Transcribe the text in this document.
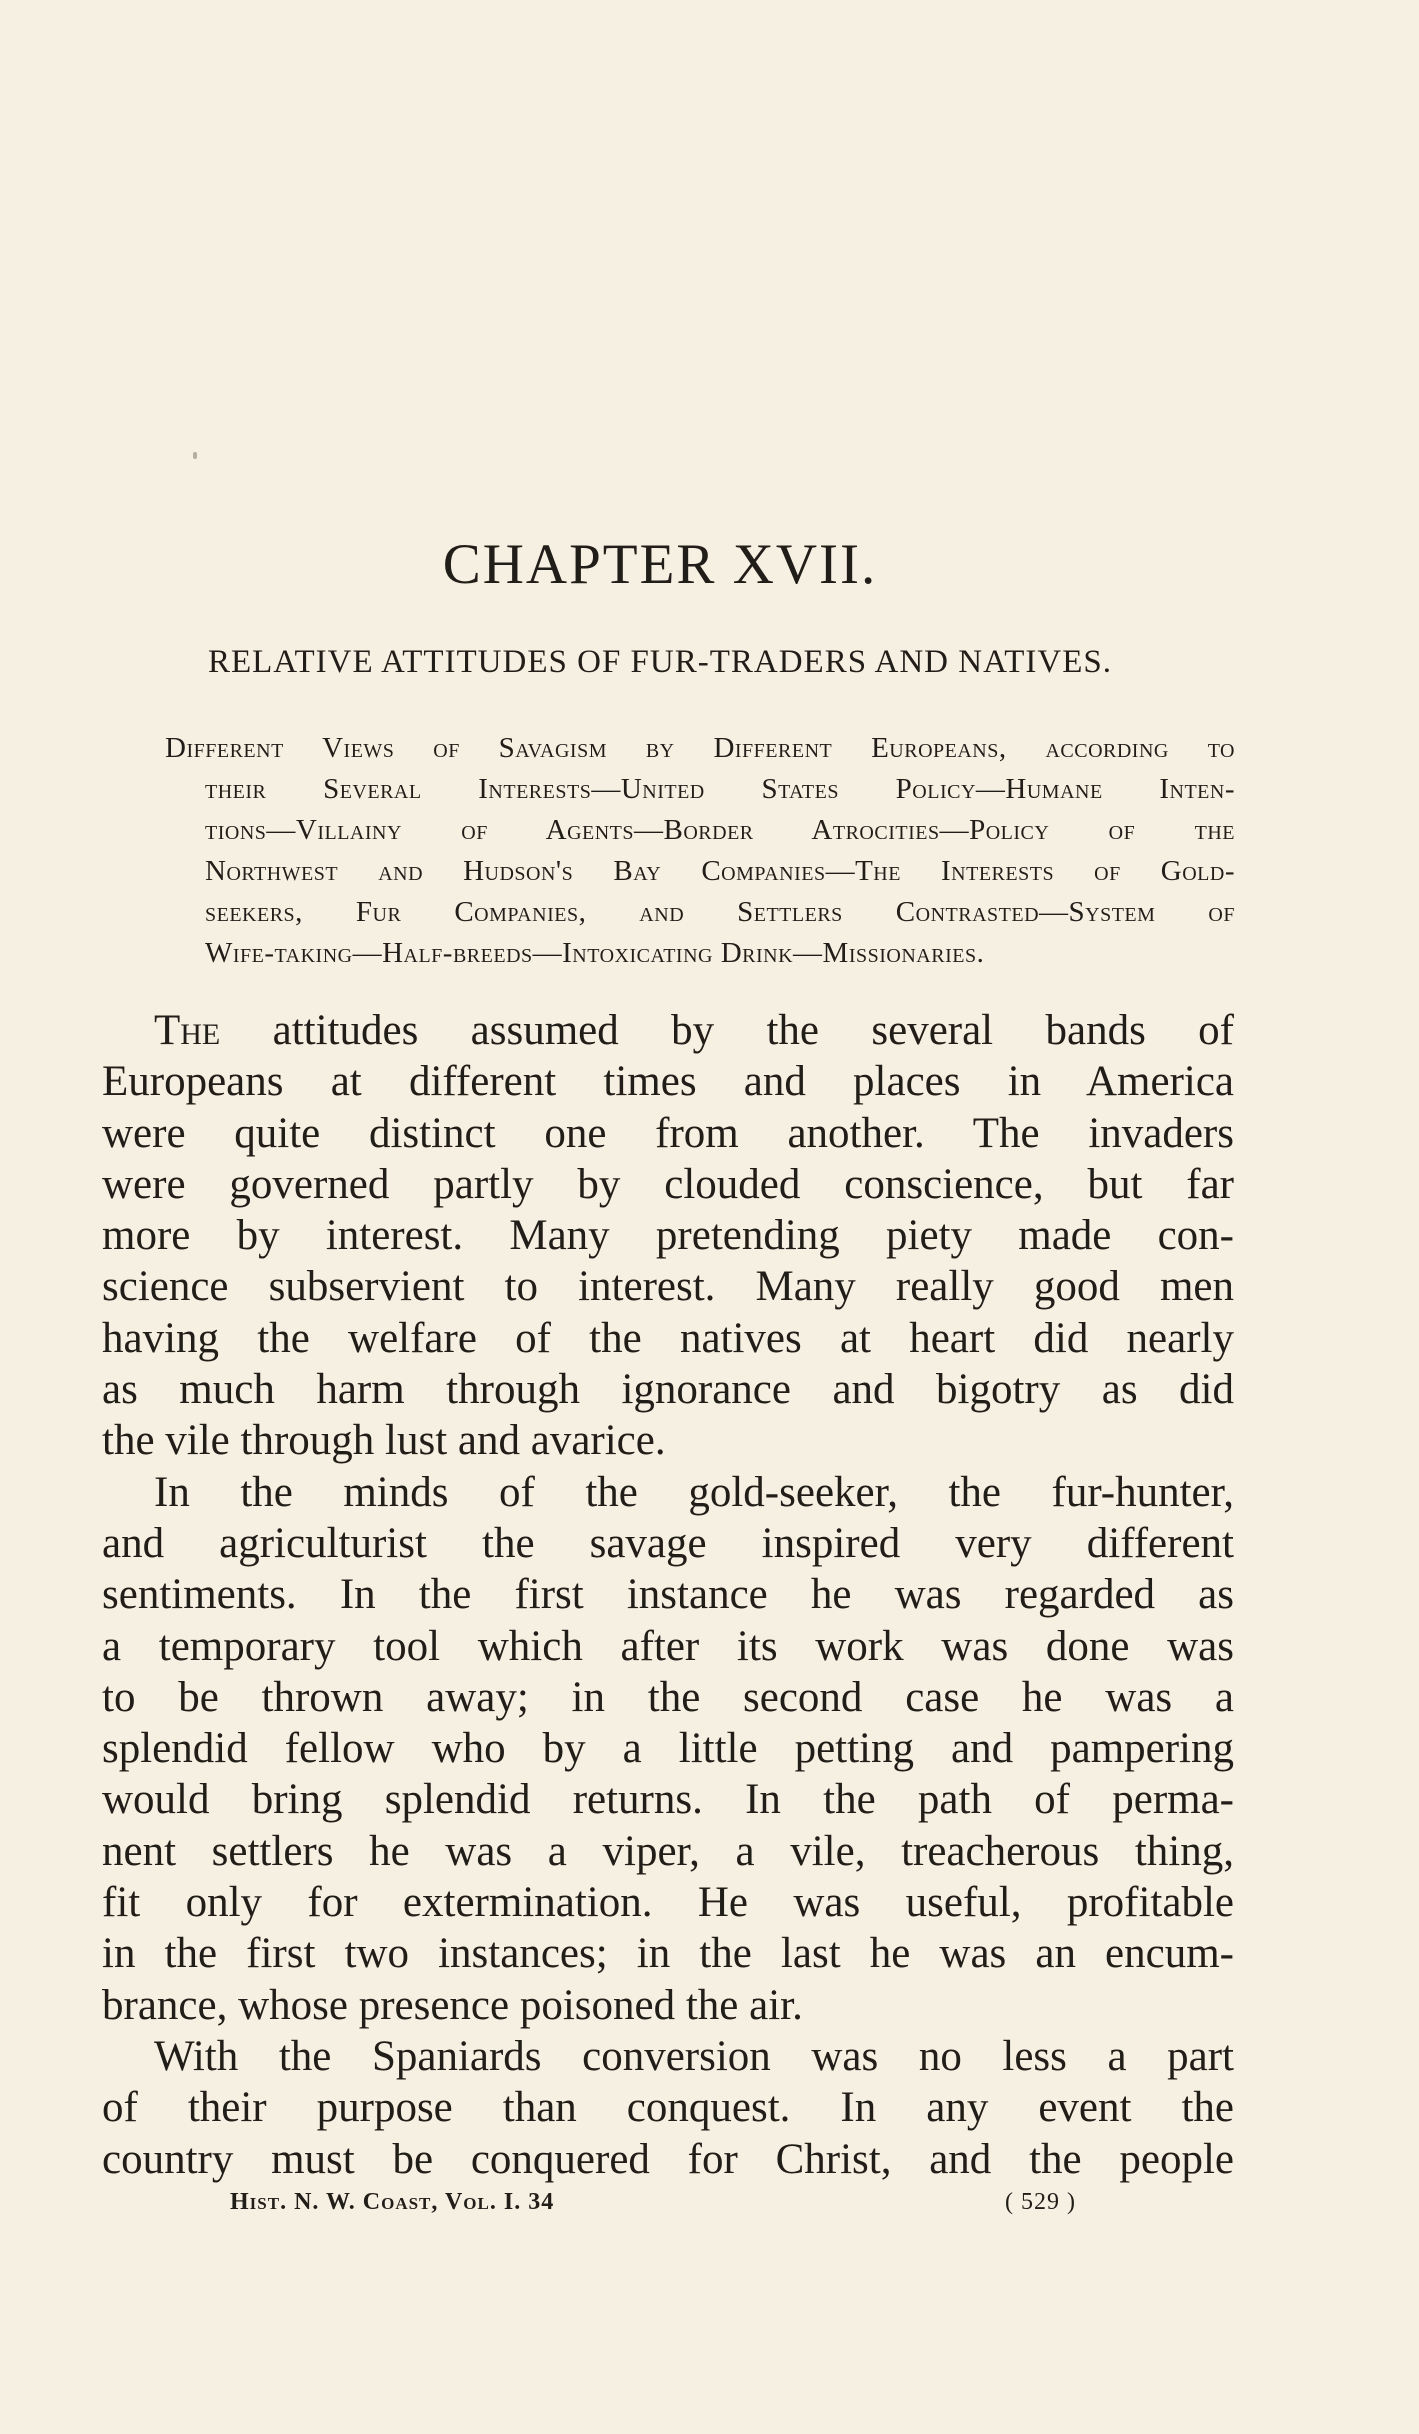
CHAPTER XVII.
RELATIVE ATTITUDES OF FUR-TRADERS AND NATIVES.
Different Views of Savagism by Different Europeans, according to
their Several Interests—United States Policy—Humane Inten-
tions—Villainy of Agents—Border Atrocities—Policy of the
Northwest and Hudson's Bay Companies—The Interests of Gold-
seekers, Fur Companies, and Settlers Contrasted—System of
Wife-taking—Half-breeds—Intoxicating Drink—Missionaries.
The attitudes assumed by the several bands of
Europeans at different times and places in America
were quite distinct one from another. The invaders
were governed partly by clouded conscience, but far
more by interest. Many pretending piety made con-
science subservient to interest. Many really good men
having the welfare of the natives at heart did nearly
as much harm through ignorance and bigotry as did
the vile through lust and avarice.
In the minds of the gold-seeker, the fur-hunter,
and agriculturist the savage inspired very different
sentiments. In the first instance he was regarded as
a temporary tool which after its work was done was
to be thrown away; in the second case he was a
splendid fellow who by a little petting and pampering
would bring splendid returns. In the path of perma-
nent settlers he was a viper, a vile, treacherous thing,
fit only for extermination. He was useful, profitable
in the first two instances; in the last he was an encum-
brance, whose presence poisoned the air.
With the Spaniards conversion was no less a part
of their purpose than conquest. In any event the
country must be conquered for Christ, and the people
Hist. N. W. Coast, Vol. I. 34	( 529 )
